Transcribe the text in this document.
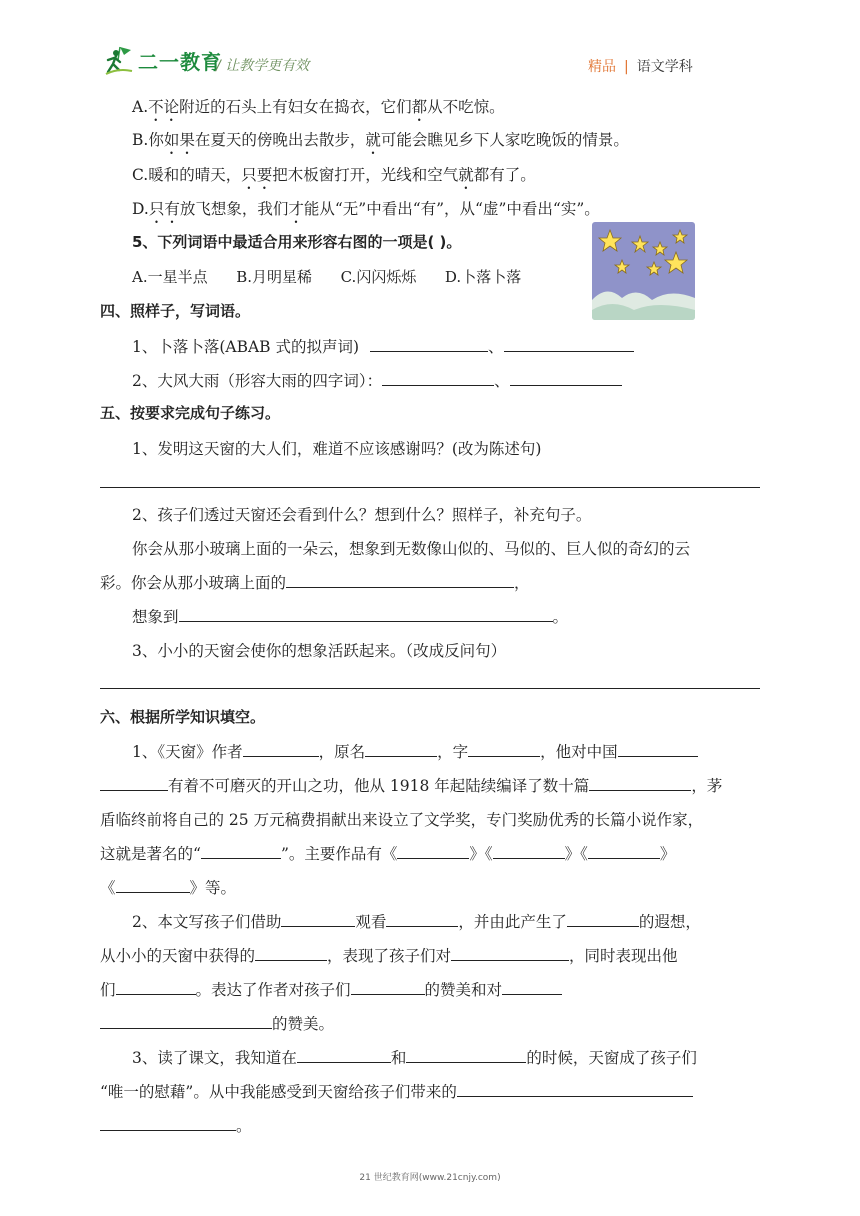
二一教育
/ 让教学更有效	精品 | 语文学科
A.不论附近的石头上有妇女在捣衣，它们都从不吃惊。
B.你如果在夏天的傍晚出去散步，就可能会瞧见乡下人家吃晚饭的情景。
C.暖和的晴天，只要把木板窗打开，光线和空气就都有了。
D.只有放飞想象，我们才能从“无”中看出“有”，从“虚”中看出“实”。
5、下列词语中最适合用来形容右图的一项是( )。
A.一星半点      B.月明星稀      C.闪闪烁烁      D.卜落卜落
四、照样子，写词语。
1、卜落卜落(ABAB 式的拟声词)	、
2、大风大雨（形容大雨的四字词）：	、
五、按要求完成句子练习。
1、发明这天窗的大人们，难道不应该感谢吗？(改为陈述句)
2、孩子们透过天窗还会看到什么？想到什么？照样子，补充句子。
你会从那小玻璃上面的一朵云，想象到无数像山似的、马似的、巨人似的奇幻的云
彩。你会从那小玻璃上面的	，
想象到	。
3、小小的天窗会使你的想象活跃起来。（改成反问句）
六、根据所学知识填空。
1、《天窗》作者	，原名	，字	，他对中国
有着不可磨灭的开山之功，他从 1918 年起陆续编译了数十篇	，茅
盾临终前将自己的 25 万元稿费捐献出来设立了文学奖，专门奖励优秀的长篇小说作家，
这就是著名的“	”。主要作品有《	》《	》《	》
《	》等。
2、本文写孩子们借助	观看	，并由此产生了	的遐想，
从小小的天窗中获得的	，表现了孩子们对	，同时表现出他
们	。表达了作者对孩子们	的赞美和对
的赞美。
3、读了课文，我知道在	和	的时候，天窗成了孩子们
“唯一的慰藉”。从中我能感受到天窗给孩子们带来的
。
21 世纪教育网(www.21cnjy.com)
